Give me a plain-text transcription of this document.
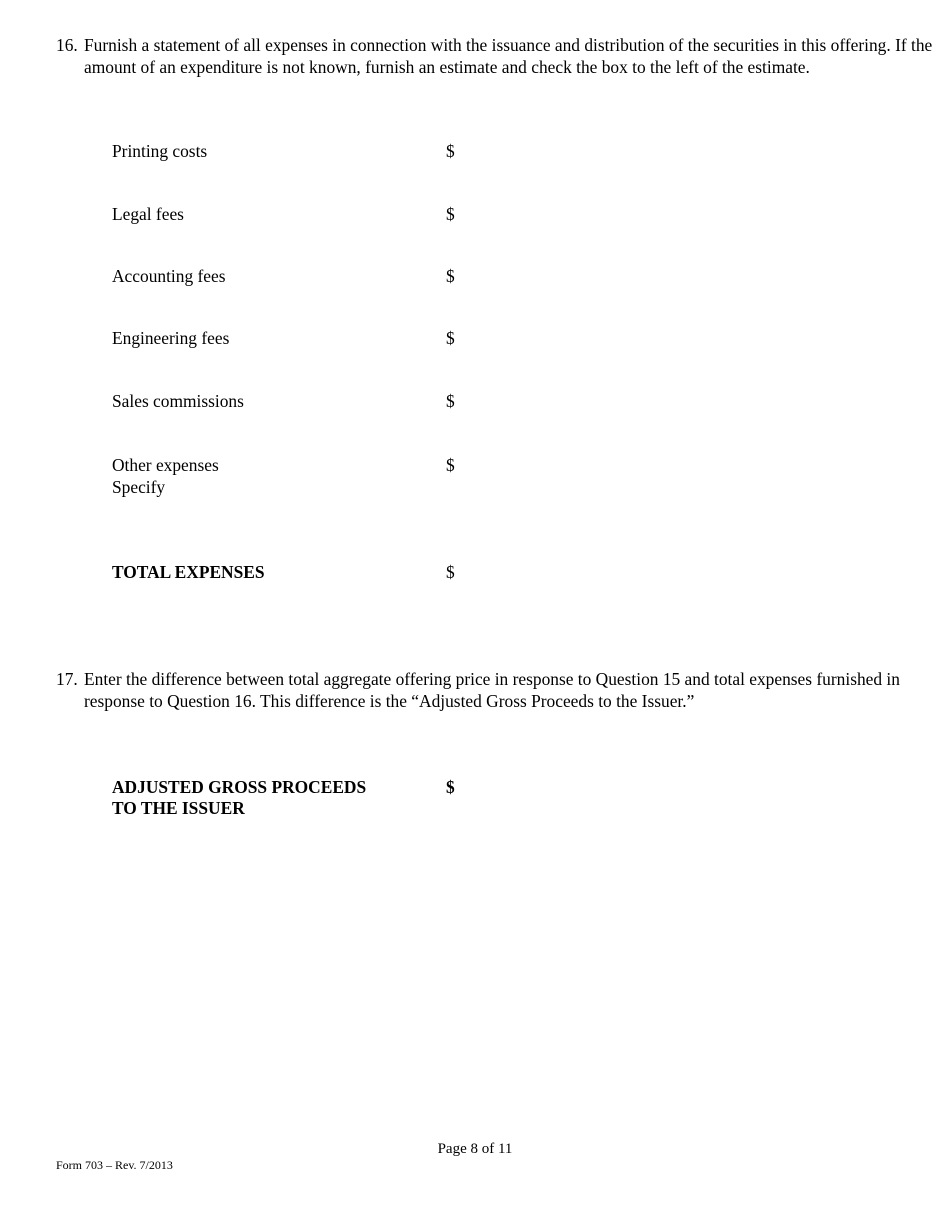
16. Furnish a statement of all expenses in connection with the issuance and distribution of the securities in this offering. If the amount of an expenditure is not known, furnish an estimate and check the box to the left of the estimate.
Printing costs	$
Legal fees	$
Accounting fees	$
Engineering fees	$
Sales commissions	$
Other expenses	$
Specify
TOTAL EXPENSES	$
17. Enter the difference between total aggregate offering price in response to Question 15 and total expenses furnished in response to Question 16. This difference is the “Adjusted Gross Proceeds to the Issuer.”
ADJUSTED GROSS PROCEEDS	$
TO THE ISSUER
Page 8 of 11
Form 703 – Rev. 7/2013
